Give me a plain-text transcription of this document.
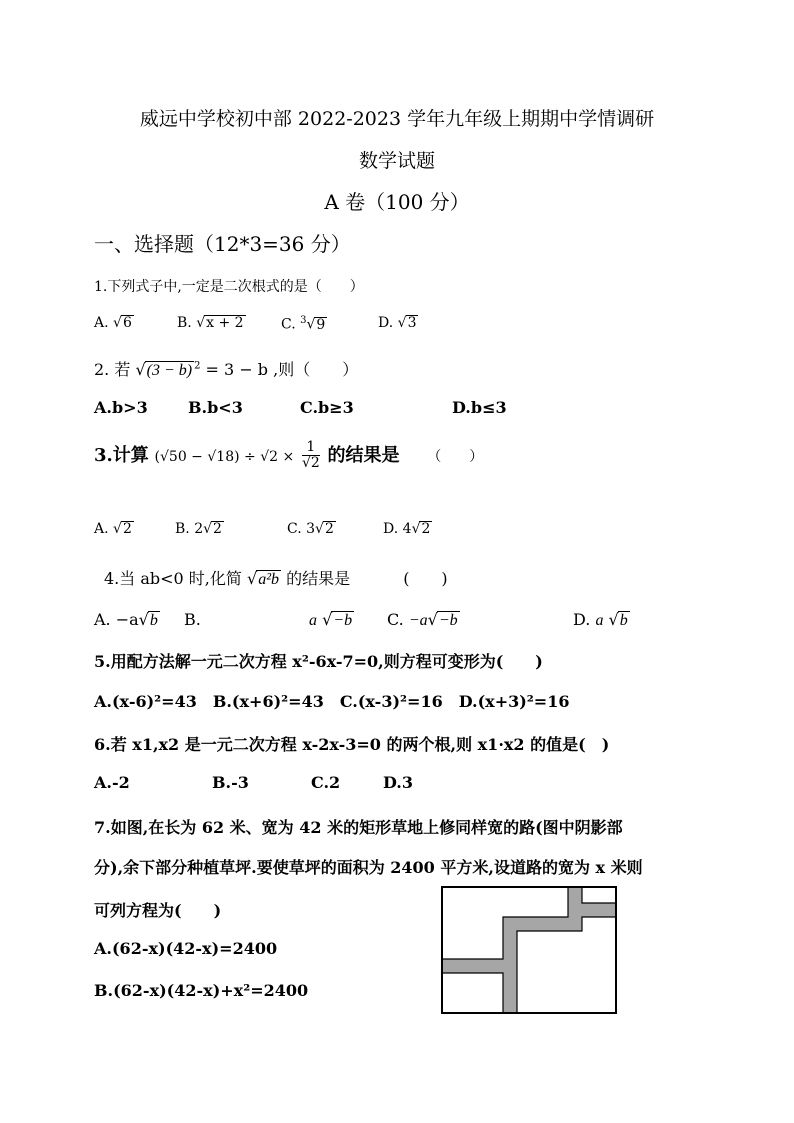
威远中学校初中部 2022-2023 学年九年级上期期中学情调研
数学试题
A 卷（100 分）
一、选择题（12*3=36 分）
1.下列式子中,一定是二次根式的是（　　）
A. √6	B. √x + 2	C. $^3$√9	D. √3
2. 若 √(3 − b) $^2$ = 3 − b ,则（　　）
A.b>3	B.b<3	C.b≥3	D.b≤3
3.计算 $(√50 - √18) \div √2 \times \frac{1}{√2}$ 的结果是 （　　）
A. √2	B. 2√2	C. 3√2	D. 4√2
4.当 ab<0 时,化简 √a²b 的结果是	(　　)
A. −a√b B.	a √−b C. −a√−b	D. a √b
5.用配方法解一元二次方程 x²-6x-7=0,则方程可变形为(　　)
A.(x-6)²=43　B.(x+6)²=43　C.(x-3)²=16　D.(x+3)²=16
6.若 x1,x2 是一元二次方程 x-2x-3=0 的两个根,则 x1·x2 的值是(　)
A.-2	B.-3	C.2	D.3
7.如图,在长为 62 米、宽为 42 米的矩形草地上修同样宽的路(图中阴影部
分),余下部分种植草坪.要使草坪的面积为 2400 平方米,设道路的宽为 x 米则
可列方程为(　　)
A.(62-x)(42-x)=2400
B.(62-x)(42-x)+x²=2400
